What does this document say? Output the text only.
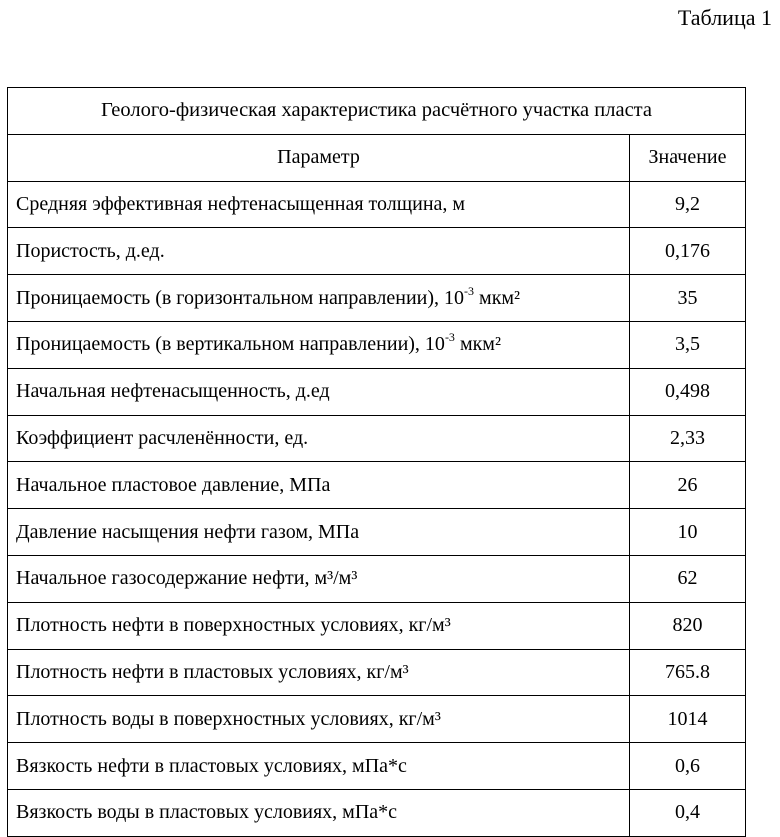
Таблица 1
Геолого-физическая характеристика расчётного участка пласта	
Параметр	Значение
Средняя эффективная нефтенасыщенная толщина, м	9,2
Пористость, д.ед.	0,176
Проницаемость (в горизонтальном направлении), $10^{-3}$ мкм²	35
Проницаемость (в вертикальном направлении), $10^{-3}$ мкм²	3,5
Начальная нефтенасыщенность, д.ед	0,498
Коэффициент расчленённости, ед.	2,33
Начальное пластовое давление, МПа	26
Давление насыщения нефти газом, МПа	10
Начальное газосодержание нефти, м³/м³	62
Плотность нефти в поверхностных условиях, кг/м³	820
Плотность нефти в пластовых условиях, кг/м³	765.8
Плотность воды в поверхностных условиях, кг/м³	1014
Вязкость нефти в пластовых условиях, мПа*с	0,6
Вязкость воды в пластовых условиях, мПа*с	0,4
